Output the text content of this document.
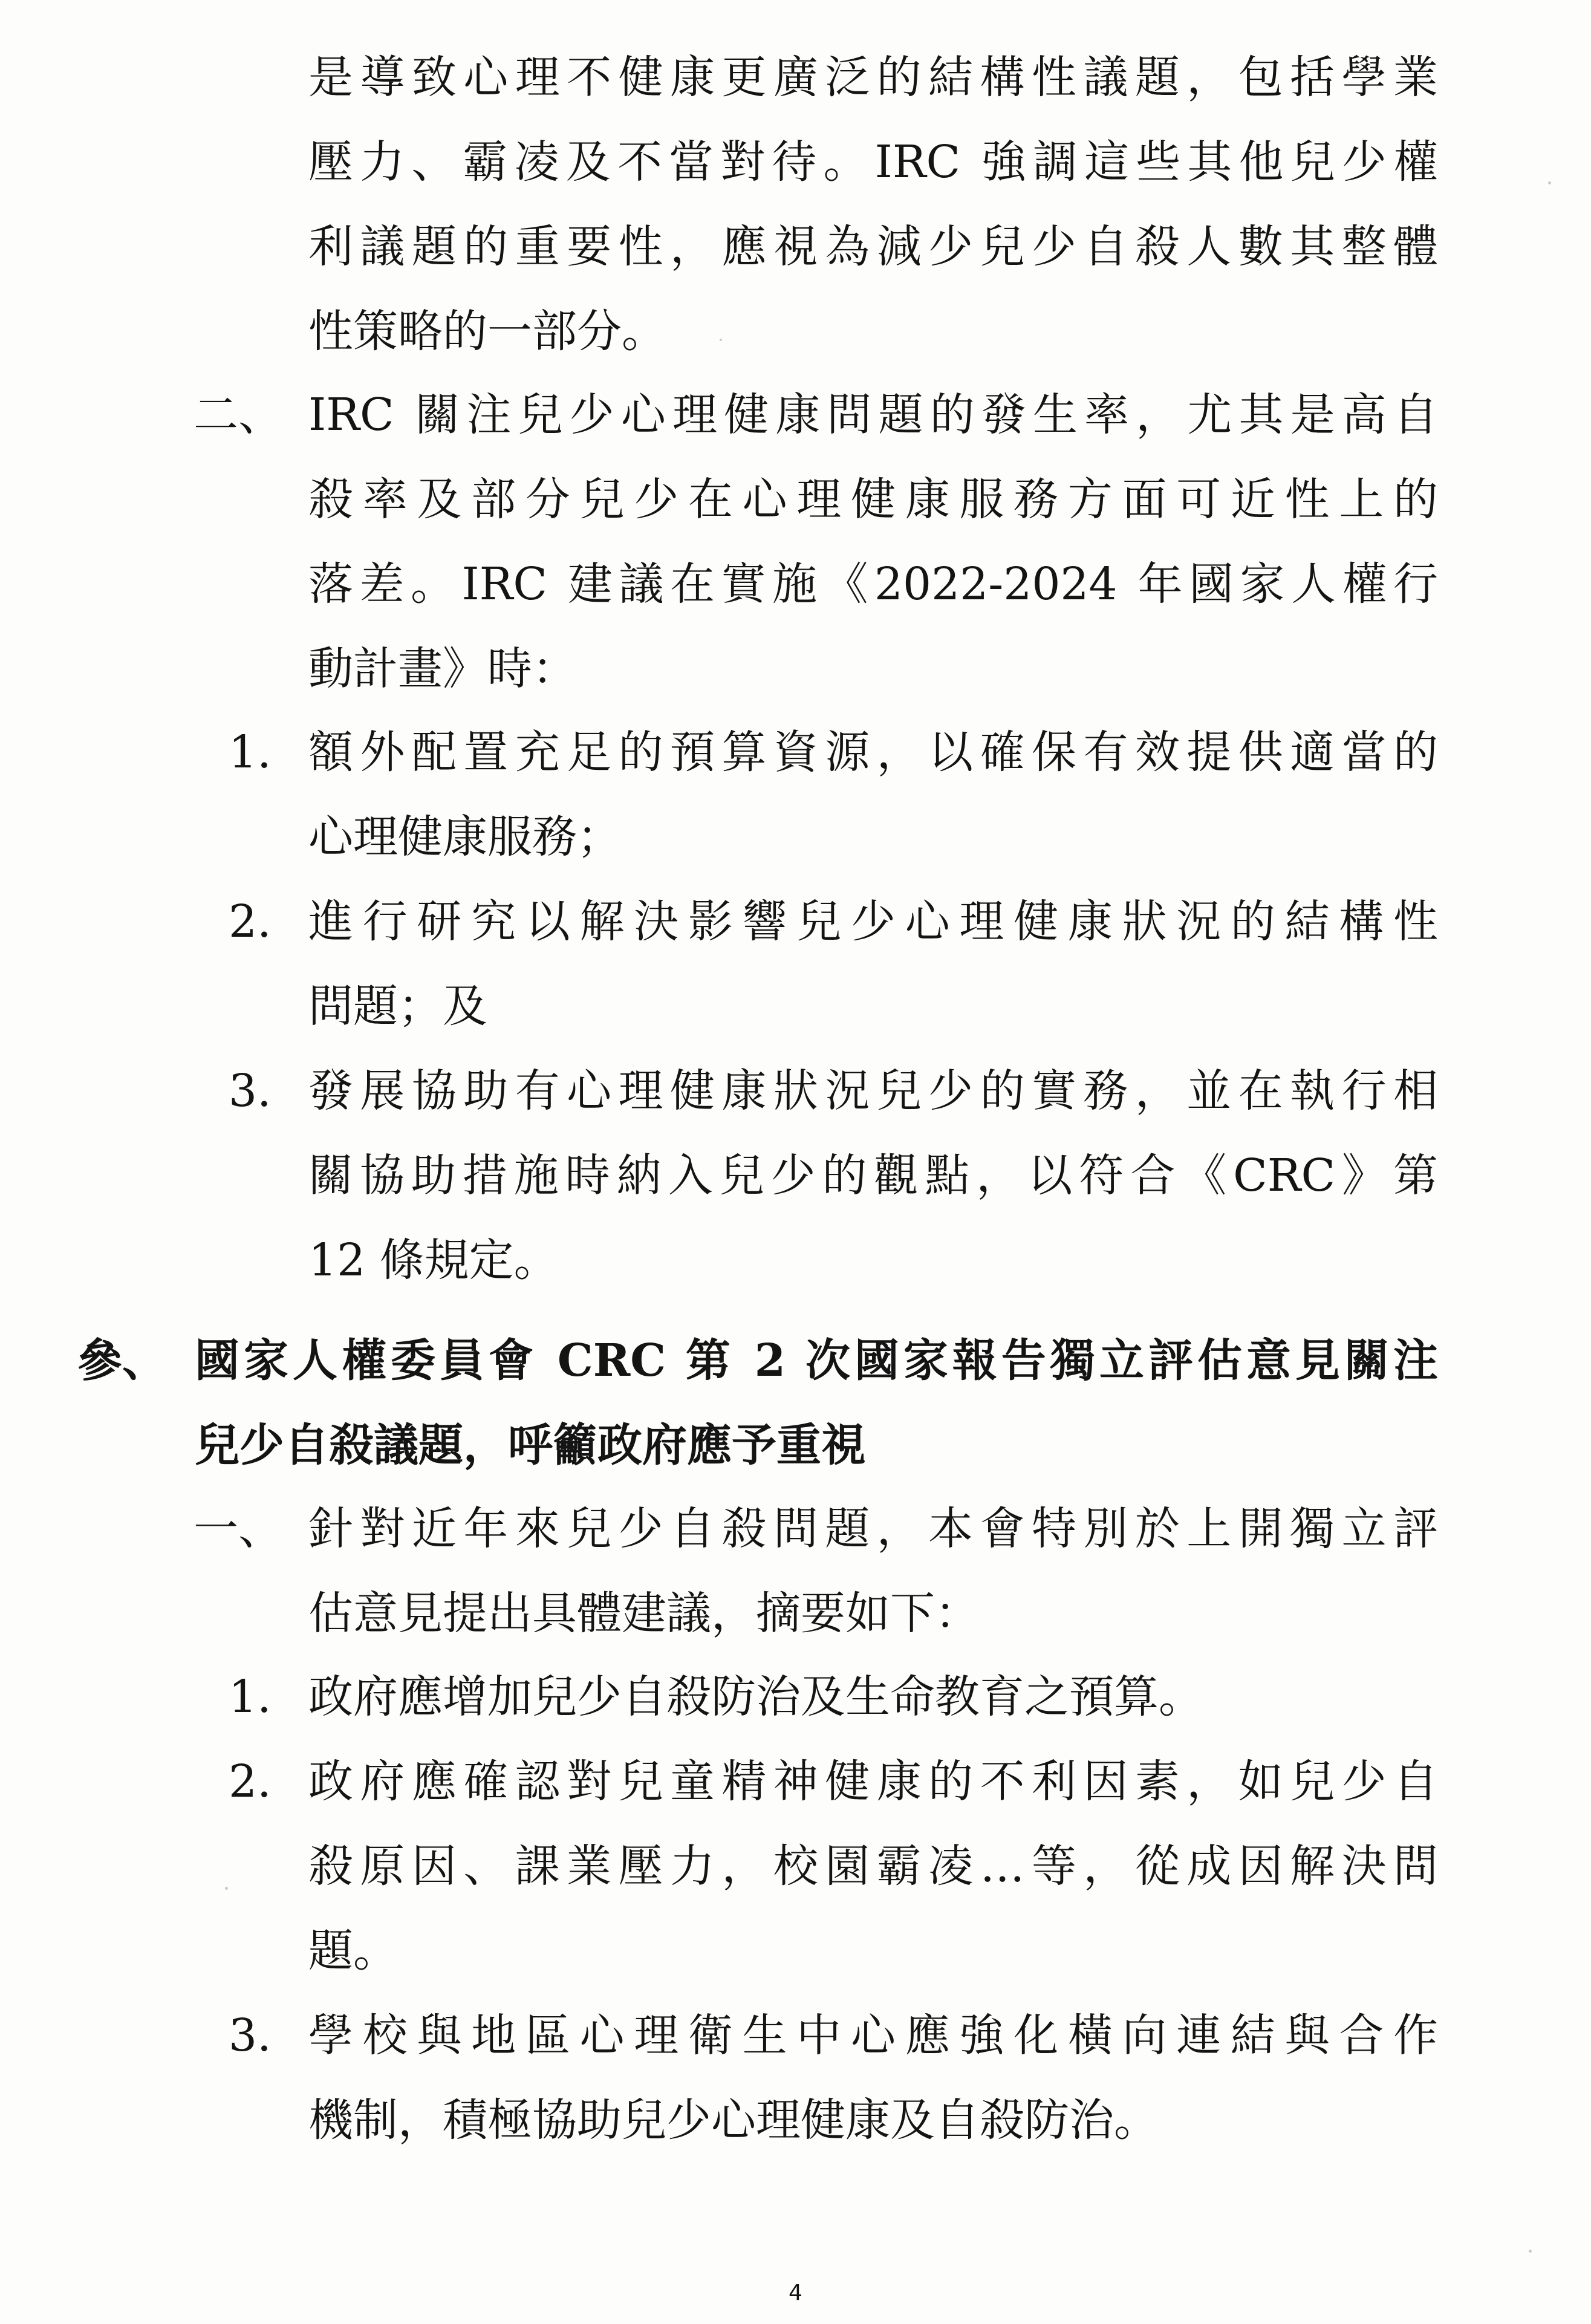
是導致心理不健康更廣泛的結構性議題，包括學業
壓力、霸凌及不當對待。IRC 強調這些其他兒少權
利議題的重要性，應視為減少兒少自殺人數其整體
性策略的一部分。
二、 IRC 關注兒少心理健康問題的發生率，尤其是高自
殺率及部分兒少在心理健康服務方面可近性上的
落差。IRC 建議在實施《2022-2024 年國家人權行
動計畫》時：
1. 額外配置充足的預算資源，以確保有效提供適當的
心理健康服務；
2. 進行研究以解決影響兒少心理健康狀況的結構性
問題；及
3. 發展協助有心理健康狀況兒少的實務，並在執行相
關協助措施時納入兒少的觀點，以符合《CRC》第
12 條規定。
參、 國家人權委員會 CRC 第 2 次國家報告獨立評估意見關注
兒少自殺議題，呼籲政府應予重視
一、 針對近年來兒少自殺問題，本會特別於上開獨立評
估意見提出具體建議，摘要如下：
1. 政府應增加兒少自殺防治及生命教育之預算。
2. 政府應確認對兒童精神健康的不利因素，如兒少自
殺原因、課業壓力，校園霸凌…等，從成因解決問
題。
3. 學校與地區心理衛生中心應強化橫向連結與合作
機制，積極協助兒少心理健康及自殺防治。
4
